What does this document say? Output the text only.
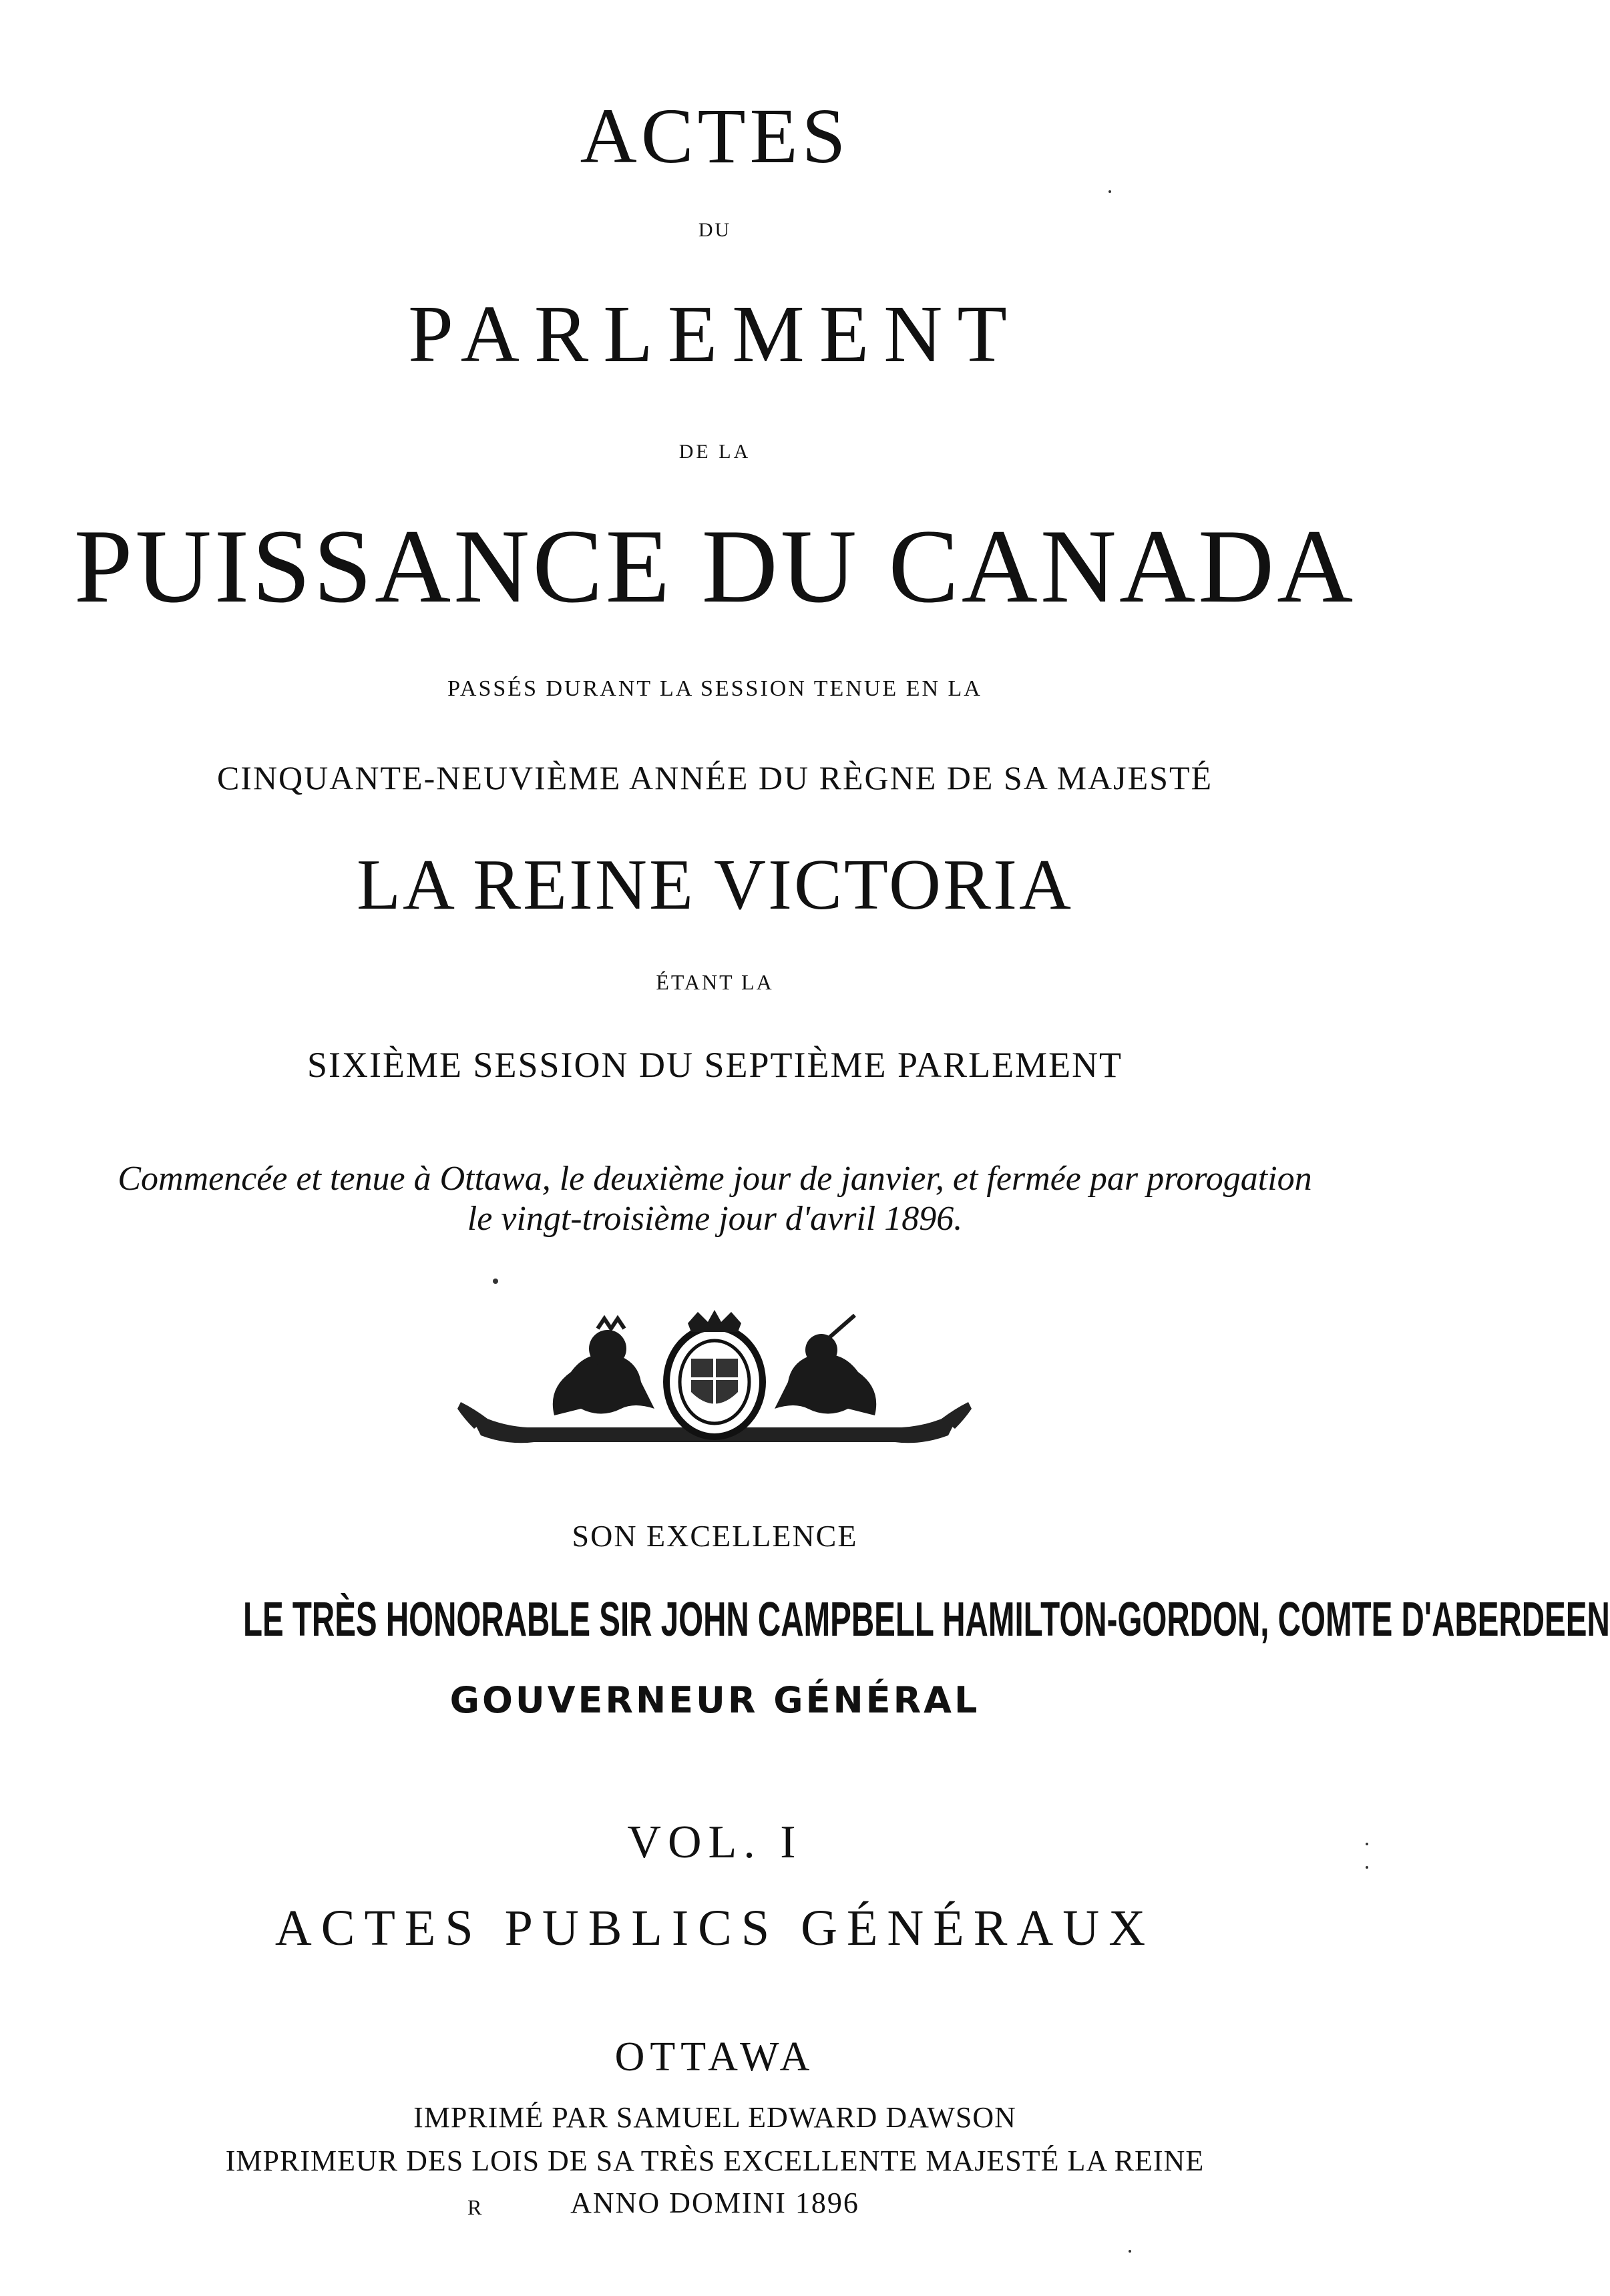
ACTES
DU
PARLEMENT
DE LA
PUISSANCE DU CANADA
PASSÉS DURANT LA SESSION TENUE EN LA
CINQUANTE-NEUVIÈME ANNÉE DU RÈGNE DE SA MAJESTÉ
LA REINE VICTORIA
ÉTANT LA
SIXIÈME SESSION DU SEPTIÈME PARLEMENT
Commencée et tenue à Ottawa, le deuxième jour de janvier, et fermée par prorogation
le vingt-troisième jour d'avril 1896.
SON EXCELLENCE
LE TRÈS HONORABLE SIR JOHN CAMPBELL HAMILTON-GORDON, COMTE D'ABERDEEN
GOUVERNEUR GÉNÉRAL
VOL. I
ACTES PUBLICS GÉNÉRAUX
OTTAWA
IMPRIMÉ PAR SAMUEL EDWARD DAWSON
IMPRIMEUR DES LOIS DE SA TRÈS EXCELLENTE MAJESTÉ LA REINE
ANNO DOMINI 1896
R
